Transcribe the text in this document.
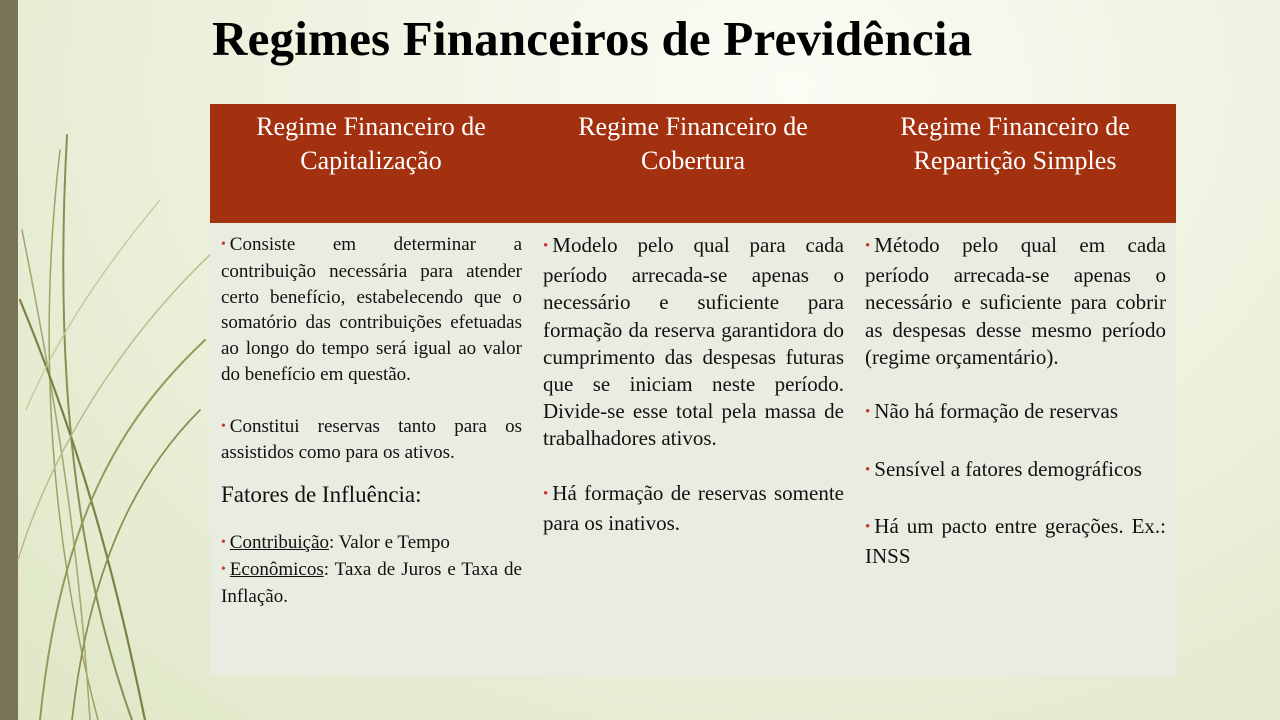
Regimes Financeiros de Previdência
Regime Financeiro de Capitalização
Regime Financeiro de Cobertura
Regime Financeiro de Repartição Simples

• Consiste em determinar a contribuição necessária para atender certo benefício, estabelecendo que o somatório das contribuições efetuadas ao longo do tempo será igual ao valor do benefício em questão.

• Constitui reservas tanto para os assistidos como para os ativos.

Fatores de Influência:

• Contribuição: Valor e Tempo

• Econômicos: Taxa de Juros e Taxa de Inflação.

• Modelo pelo qual para cada período arrecada-se apenas o necessário e suficiente para formação da reserva garantidora do cumprimento das despesas futuras que se iniciam neste período. Divide-se esse total pela massa de trabalhadores ativos.

• Há formação de reservas somente para os inativos.

• Método pelo qual em cada período arrecada-se apenas o necessário e suficiente para cobrir as despesas desse mesmo período (regime orçamentário).

• Não há formação de reservas

• Sensível a fatores demográficos

• Há um pacto entre gerações. Ex.: INSS
